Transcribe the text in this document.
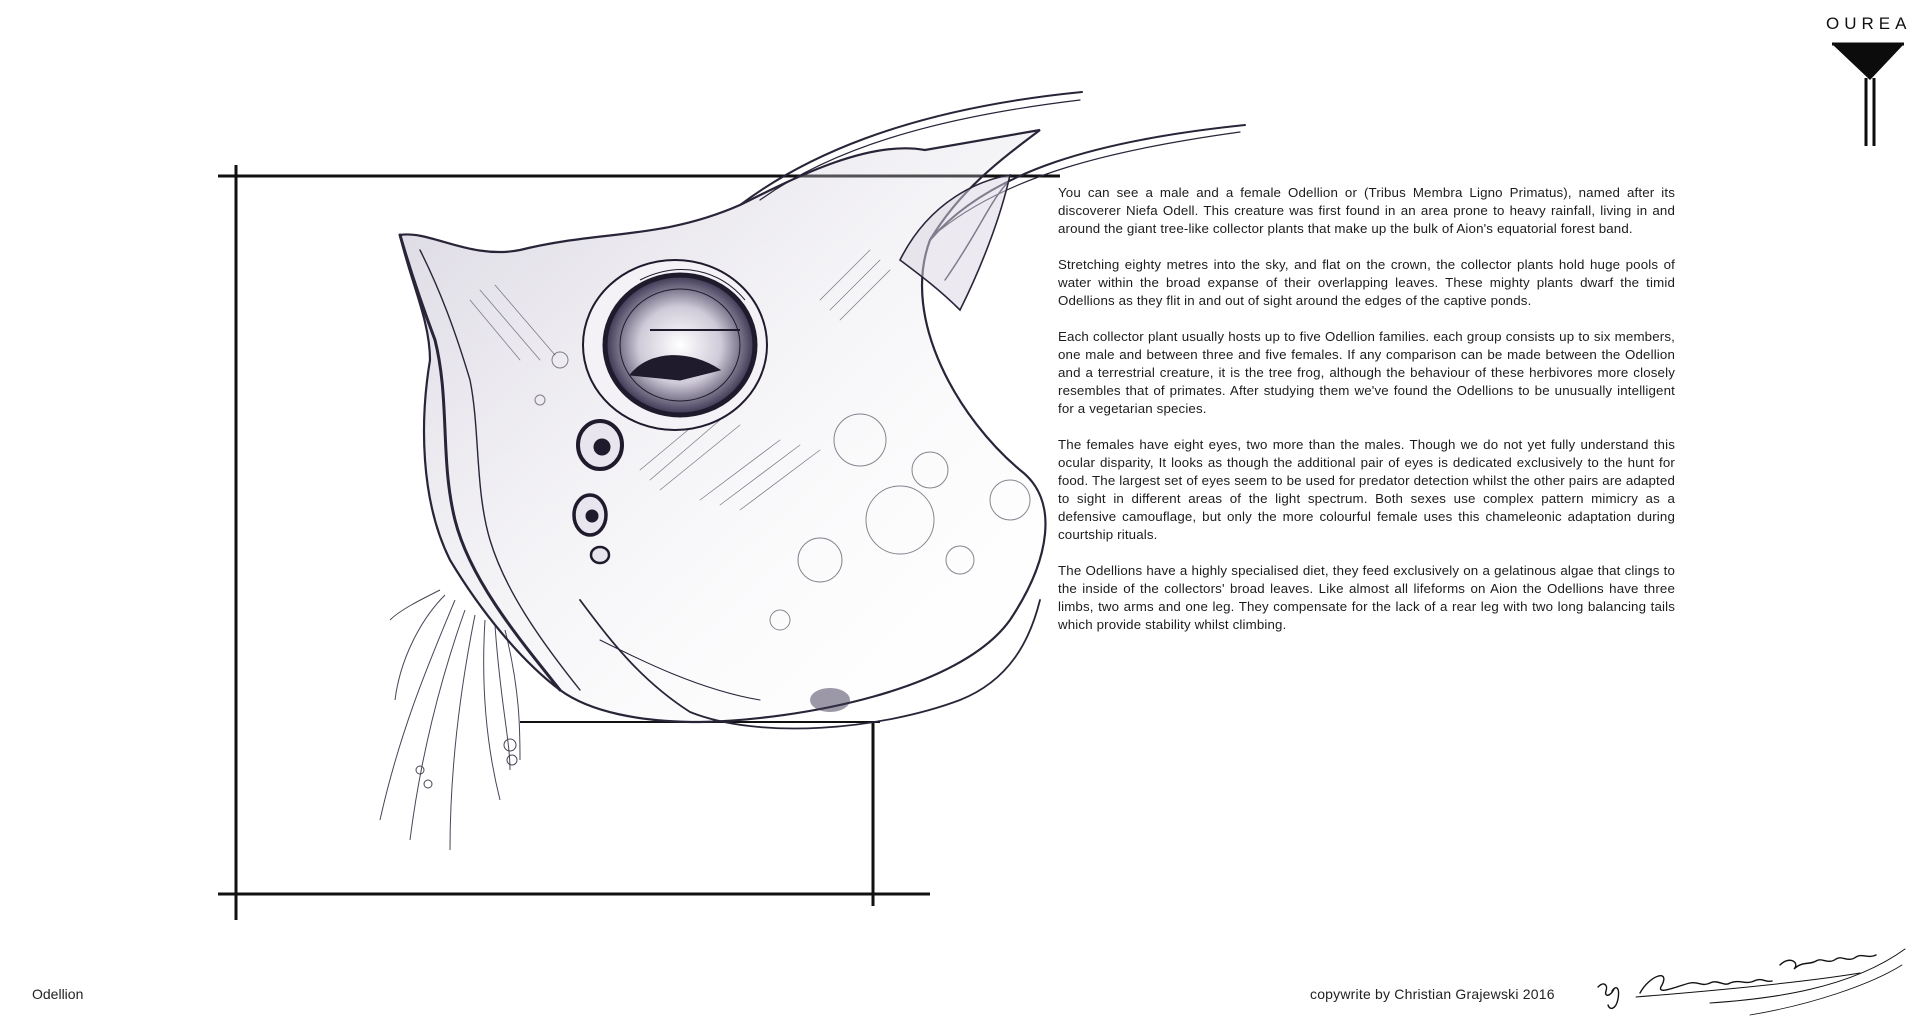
OUREA

You can see a male and a female Odellion or (Tribus Membra Ligno Primatus), named after its discoverer Niefa Odell. This creature was first found in an area prone to heavy rainfall, living in and around the giant tree-like collector plants that make up the bulk of Aion's equatorial forest band.

Stretching eighty metres into the sky, and flat on the crown, the collector plants hold huge pools of water within the broad expanse of their overlapping leaves. These mighty plants dwarf the timid Odellions as they flit in and out of sight around the edges of the captive ponds.

Each collector plant usually hosts up to five Odellion families. each group consists up to six members, one male and between three and five females. If any comparison can be made between the Odellion and a terrestrial creature, it is the tree frog, although the behaviour of these herbivores more closely resembles that of primates. After studying them we've found the Odellions to be unusually intelligent for a vegetarian species.

The females have eight eyes, two more than the males. Though we do not yet fully understand this ocular disparity, It looks as though the additional pair of eyes is dedicated exclusively to the hunt for food. The largest set of eyes seem to be used for predator detection whilst the other pairs are adapted to sight in different areas of the light spectrum. Both sexes use complex pattern mimicry as a defensive camouflage, but only the more colourful female uses this chameleonic adaptation during courtship rituals.

The Odellions have a highly specialised diet, they feed exclusively on a gelatinous algae that clings to the inside of the collectors' broad leaves. Like almost all lifeforms on Aion the Odellions have three limbs, two arms and one leg. They compensate for the lack of a rear leg with two long balancing tails which provide stability whilst climbing.

Odellion	copywrite by Christian Grajewski 2016
